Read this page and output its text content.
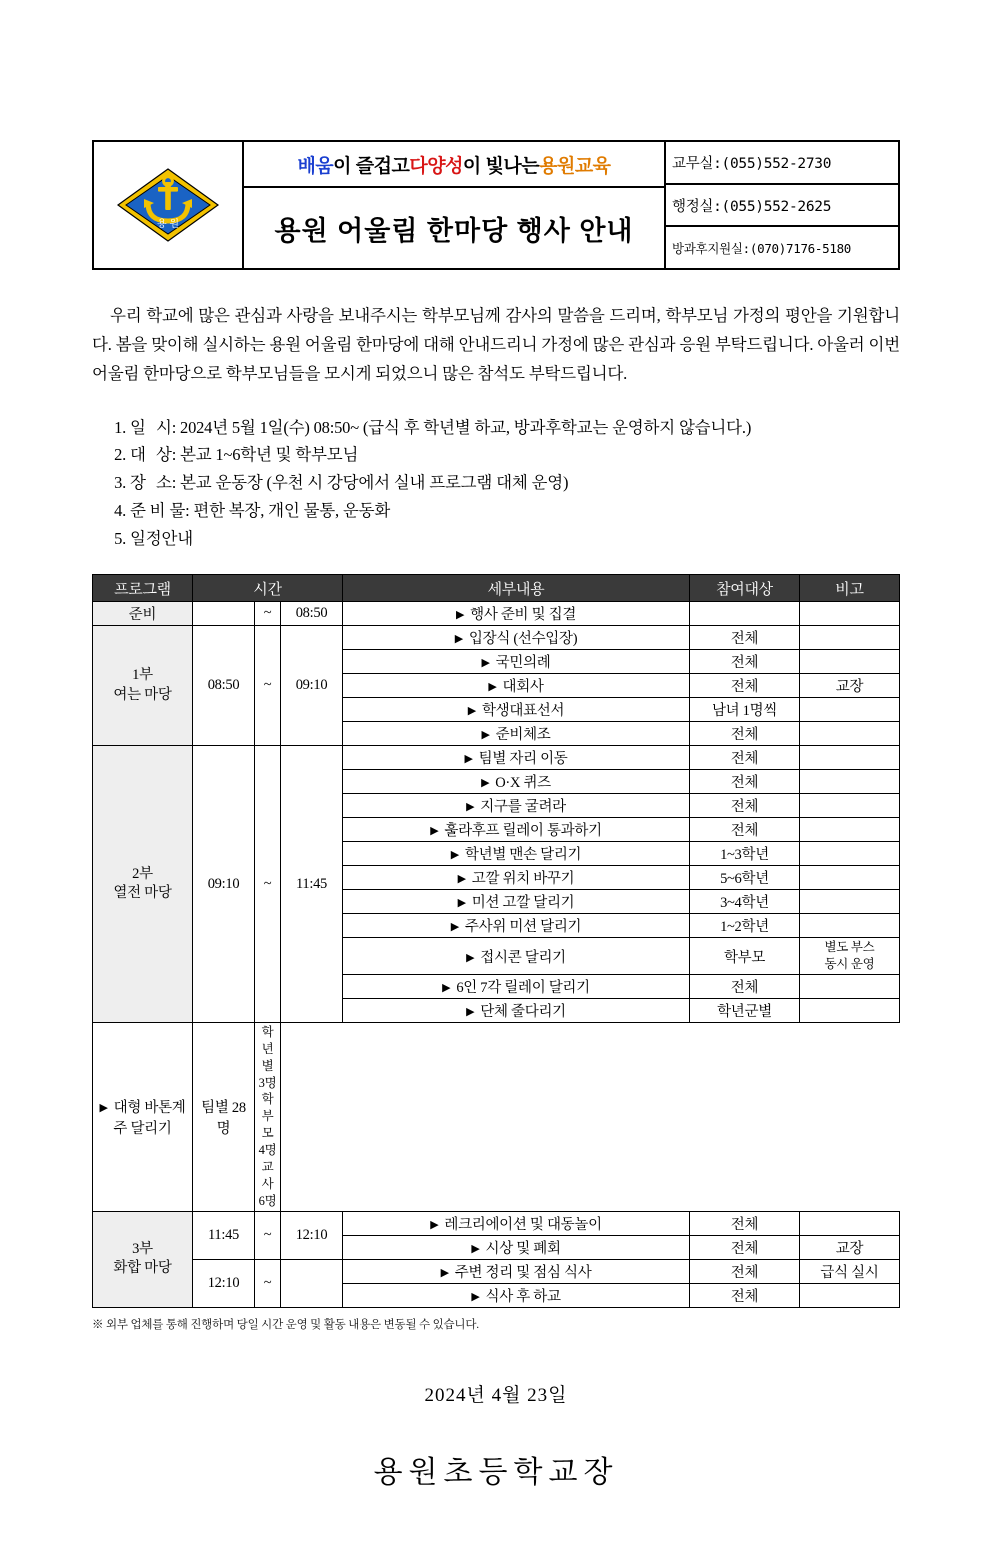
용 원
배움 이 즐겁고 다양성 이 빛나는 용원교육
용원 어울림 한마당 행사 안내
교무실:(055)552-2730
행정실:(055)552-2625
방과후지원실:(070)7176-5180

우리 학교에 많은 관심과 사랑을 보내주시는 학부모님께 감사의 말씀을 드리며, 학부모님 가정의 평안을 기원합니다. 봄을 맞이해 실시하는 용원 어울림 한마당에 대해 안내드리니 가정에 많은 관심과 응원 부탁드립니다. 아울러 이번 어울림 한마당으로 학부모님들을 모시게 되었으니 많은 참석도 부탁드립니다.

1. 일시: 2024년 5월 1일(수) 08:50~ (급식 후 학년별 하교, 방과후학교는 운영하지 않습니다.)
2. 대상: 본교 1~6학년 및 학부모님
3. 장소: 본교 운동장 (우천 시 강당에서 실내 프로그램 대체 운영)
4. 준 비 물: 편한 복장, 개인 물통, 운동화
5. 일정안내
프로그램	시간			세부내용	참여대상	비고
준비		~	08:50	▶ 행사 준비 및 집결		
1부
여는 마당	08:50	~	09:10	▶ 입장식 (선수입장)	전체	
				▶ 국민의례	전체	
				▶ 대회사	전체	교장
				▶ 학생대표선서	남녀 1명씩	
				▶ 준비체조	전체	
2부
열전 마당	09:10	~	11:45	▶ 팀별 자리 이동	전체	
				▶ O·X 퀴즈	전체	
				▶ 지구를 굴려라	전체	
				▶ 훌라후프 릴레이 통과하기	전체	
				▶ 학년별 맨손 달리기	1~3학년	
				▶ 고깔 위치 바꾸기	5~6학년	
				▶ 미션 고깔 달리기	3~4학년	
				▶ 주사위 미션 달리기	1~2학년	
				▶ 접시콘 달리기	학부모	별도 부스
동시 운영
				▶ 6인 7각 릴레이 달리기	전체	
				▶ 단체 줄다리기	학년군별	
▶ 대형 바톤계주 달리기	팀별 28명	학년별 3명
학부모 4명
교사 6명				
3부
화합 마당	11:45	~	12:10	▶ 레크리에이션 및 대동놀이	전체	
				▶ 시상 및 폐회	전체	교장
	12:10	~		▶ 주변 정리 및 점심 식사	전체	급식 실시
				▶ 식사 후 하교	전체	
※ 외부 업체를 통해 진행하며 당일 시간 운영 및 활동 내용은 변동될 수 있습니다.
2024년 4월 23일
용원초등학교장
